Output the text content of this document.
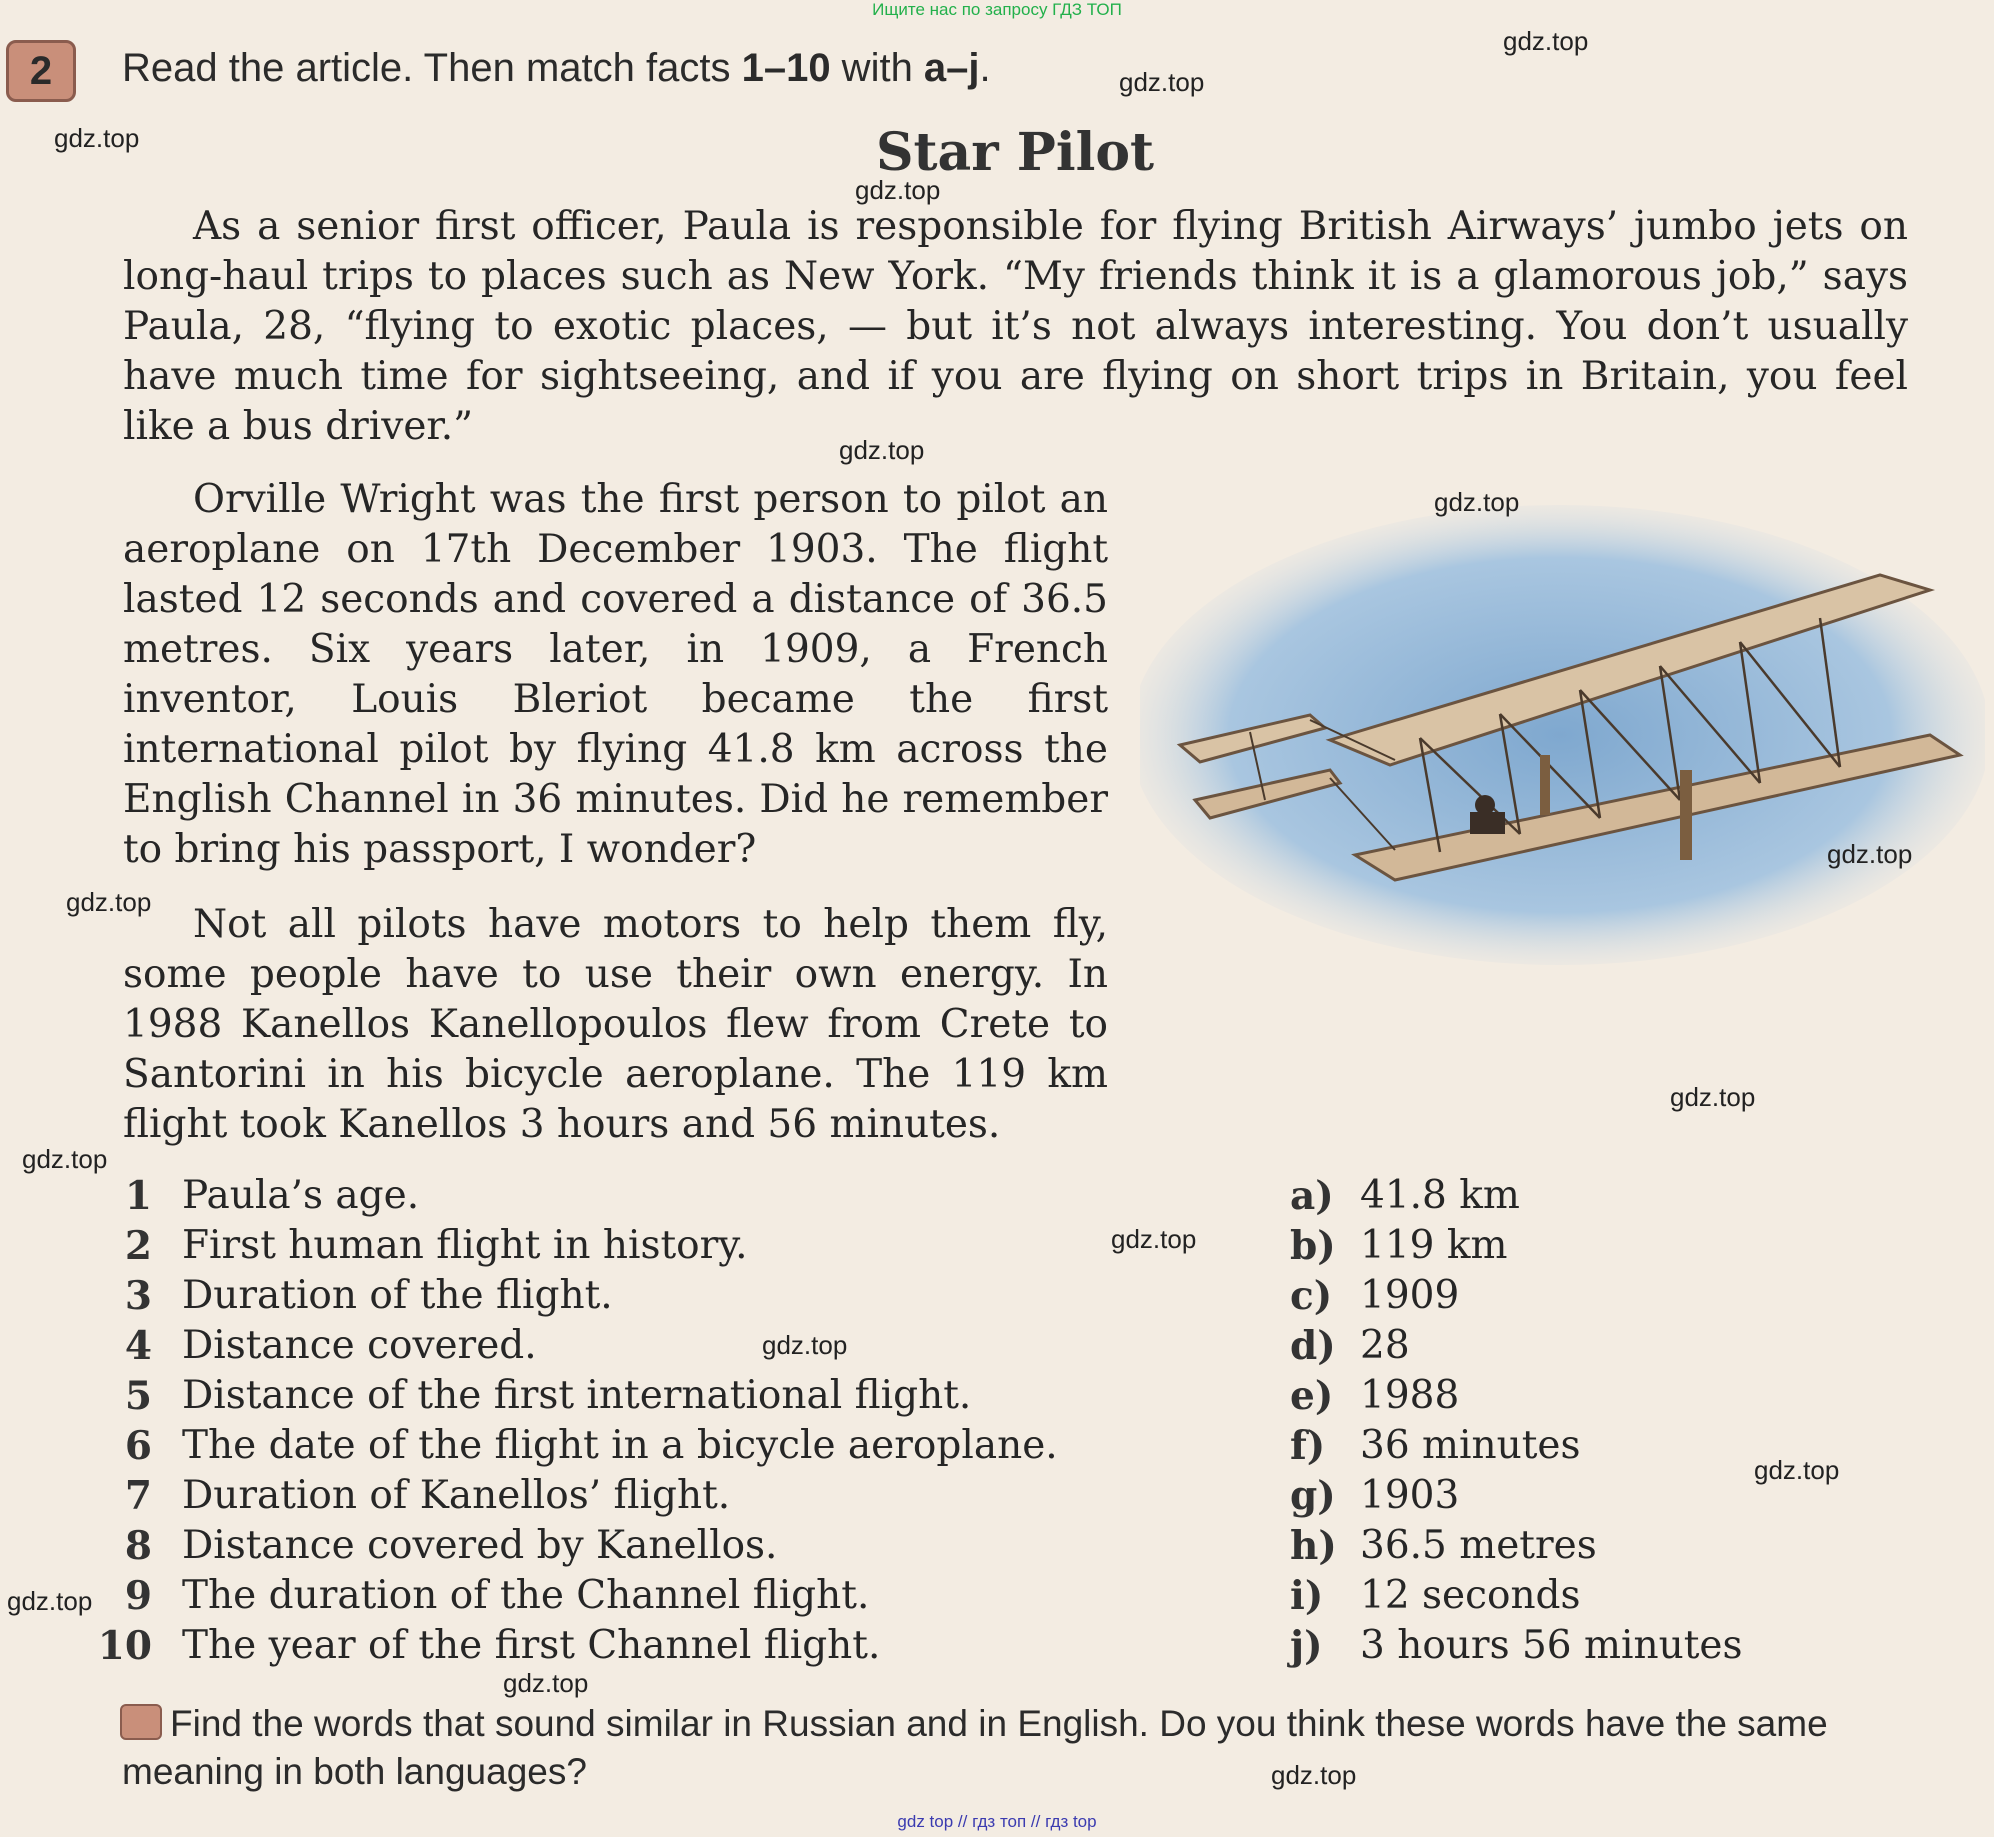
Ищите нас по запросу ГДЗ ТОП
2	Read the article. Then match facts 1–10 with a–j.
Star Pilot

As a senior first officer, Paula is responsible for flying British Airways’ jumbo jets on long-haul trips to places such as New York. “My friends think it is a glamorous job,” says Paula, 28, “flying to exotic places, — but it’s not always interesting. You don’t usually have much time for sightseeing, and if you are flying on short trips in Britain, you feel like a bus driver.”

Orville Wright was the first person to pilot an aeroplane on 17th December 1903. The flight lasted 12 seconds and covered a distance of 36.5 metres. Six years later, in 1909, a French inventor, Louis Bleriot became the first international pilot by flying 41.8 km across the English Channel in 36 minutes. Did he remember to bring his passport, I wonder?

Not all pilots have motors to help them fly, some people have to use their own energy. In 1988 Kanellos Kanellopoulos flew from Crete to Santorini in his bicycle aeroplane. The 119 km flight took Kanellos 3 hours and 56 minutes.

1 Paula’s age.
2 First human flight in history.
3 Duration of the flight.
4 Distance covered.
5 Distance of the first international flight.
6 The date of the flight in a bicycle aeroplane.
7 Duration of Kanellos’ flight.
8 Distance covered by Kanellos.
9 The duration of the Channel flight.
10 The year of the first Channel flight.
a) 41.8 km
b) 119 km
c) 1909
d) 28
e) 1988
f) 36 minutes
g) 1903
h) 36.5 metres
i) 12 seconds
j) 3 hours 56 minutes
Find the words that sound similar in Russian and in English. Do you think these words have the same meaning in both languages?
gdz.top
gdz.top
gdz.top
gdz.top
gdz.top
gdz.top
gdz.top
gdz.top
gdz.top
gdz.top
gdz.top
gdz.top
gdz.top
gdz.top
gdz.top
gdz.top
gdz top // гдз топ // гдз top
